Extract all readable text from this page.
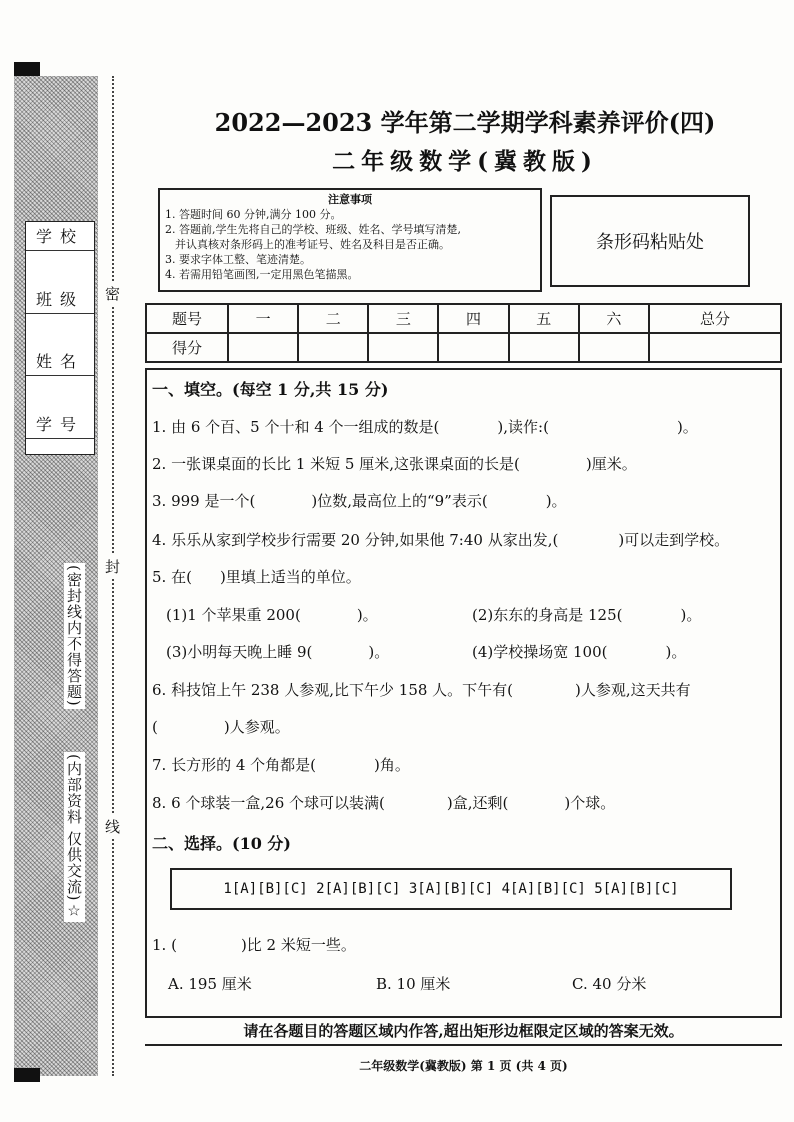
学校
班级
姓名
学号
(密封线内不得答题)
(内部资料 仅供交流)☆
密
封
线
2022—2023 学年第二学期学科素养评价(四)
二年级数学(冀教版)
注意事项
1. 答题时间 60 分钟,满分 100 分。
2. 答题前,学生先将自己的学校、班级、姓名、学号填写清楚,
并认真核对条形码上的准考证号、姓名及科目是否正确。
3. 要求字体工整、笔迹清楚。
4. 若需用铅笔画图,一定用黑色笔描黑。
条形码粘贴处
题号	一	二	三	四	五	六	总分
得分							
一、填空。(每空 1 分,共 15 分)
1. 由 6 个百、5 个十和 4 个一组成的数是(	),读作:(	)。
2. 一张课桌面的长比 1 米短 5 厘米,这张课桌面的长是(	)厘米。
3. 999 是一个(	)位数,最高位上的“9”表示(	)。
4. 乐乐从家到学校步行需要 20 分钟,如果他 7:40 从家出发,(	)可以走到学校。
5. 在( )里填上适当的单位。
(1)1 个苹果重 200(	)。	(2)东东的身高是 125(	)。
(3)小明每天晚上睡 9(	)。	(4)学校操场宽 100(	)。
6. 科技馆上午 238 人参观,比下午少 158 人。下午有(	)人参观,这天共有
(	)人参观。
7. 长方形的 4 个角都是(	)角。
8. 6 个球装一盒,26 个球可以装满(	)盒,还剩(	)个球。
二、选择。(10 分)
1[A][B][C] 2[A][B][C] 3[A][B][C] 4[A][B][C] 5[A][B][C]
1. (	)比 2 米短一些。
A. 195 厘米	B. 10 厘米	C. 40 分米
请在各题目的答题区域内作答,超出矩形边框限定区域的答案无效。
二年级数学(冀教版) 第 1 页 (共 4 页)
